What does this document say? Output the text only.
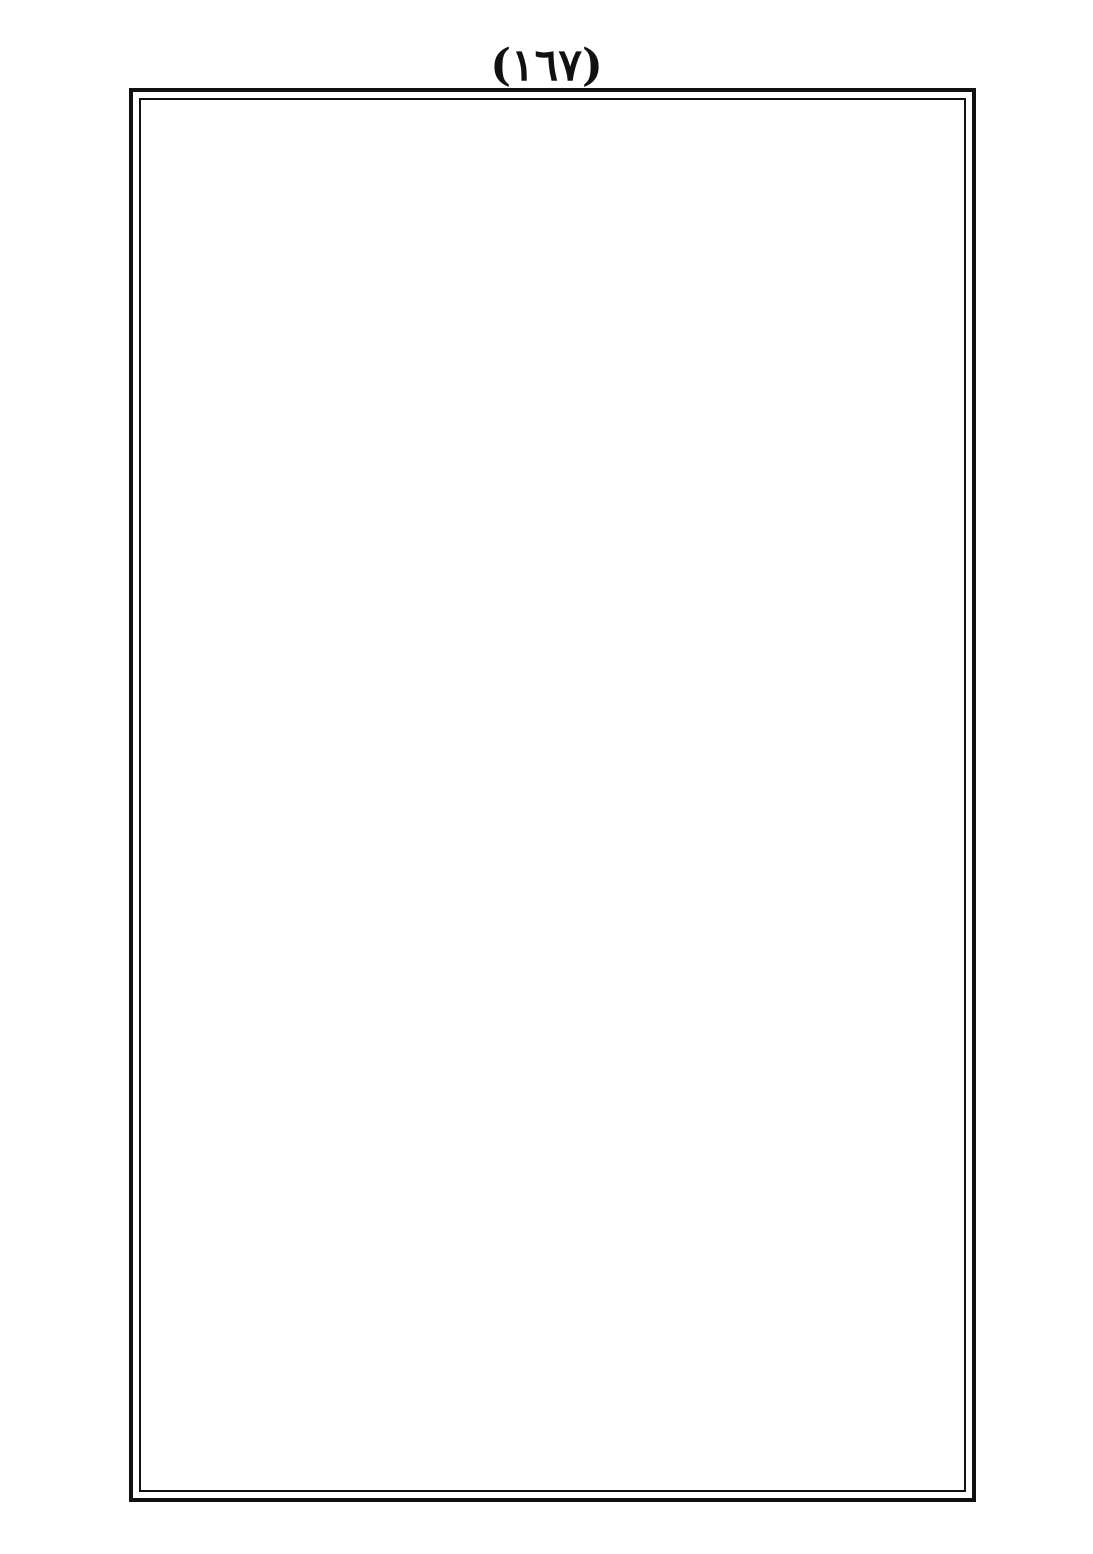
(١٦٧)
